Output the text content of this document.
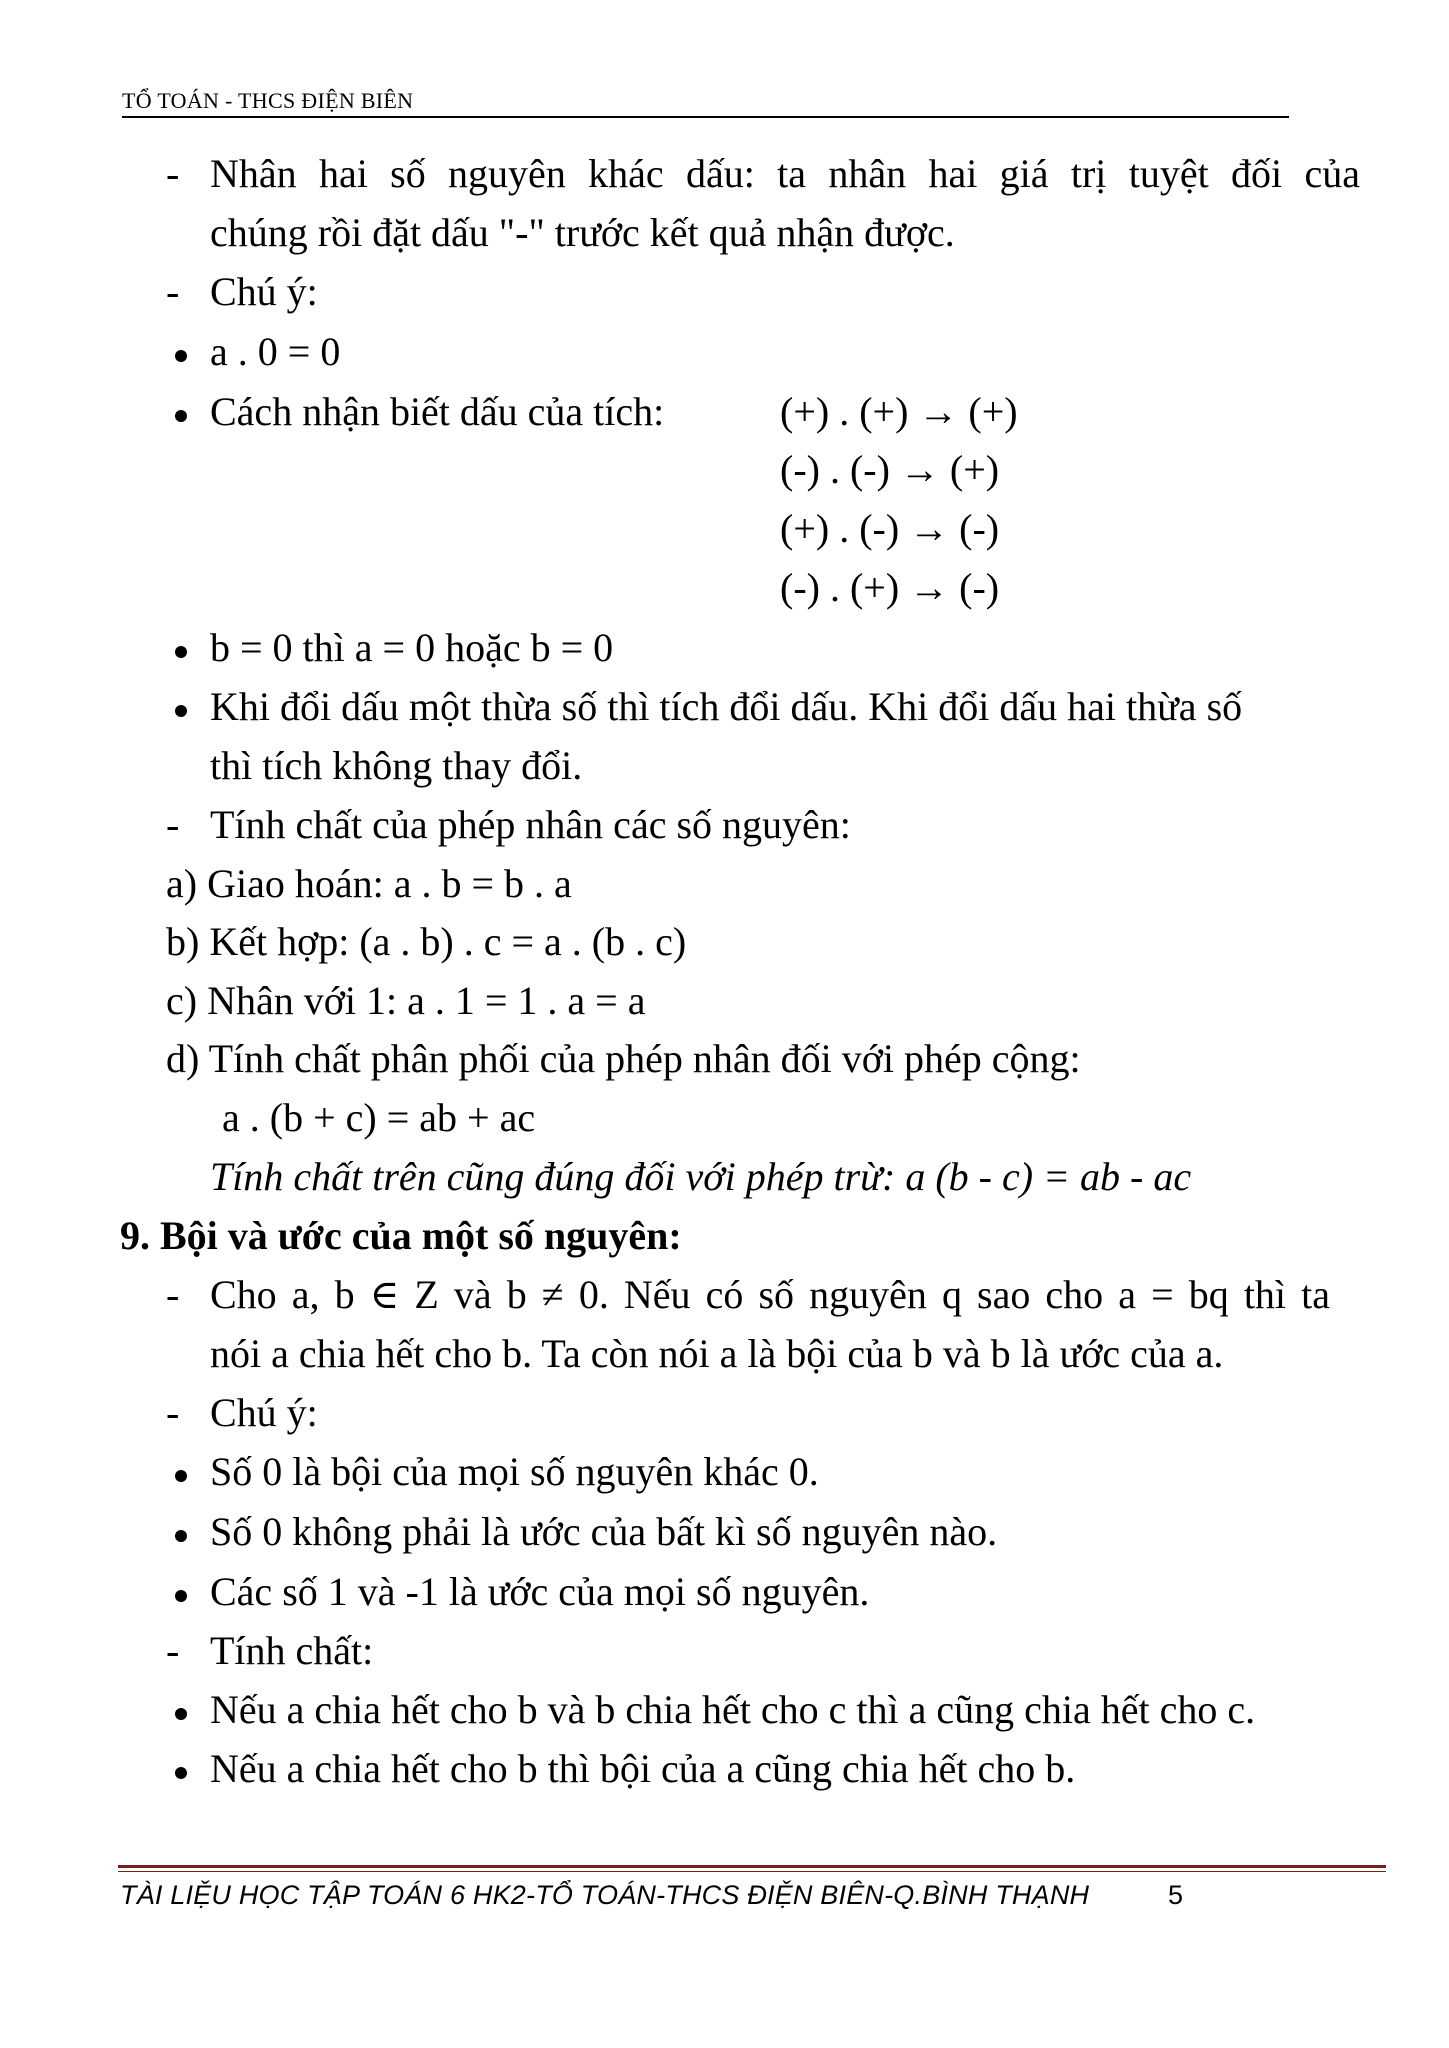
TỔ TOÁN - THCS ĐIỆN BIÊN
- Nhân hai số nguyên khác dấu: ta nhân hai giá trị tuyệt đối của
chúng rồi đặt dấu "-" trước kết quả nhận được.
- Chú ý:
a . 0 = 0
Cách nhận biết dấu của tích:	(+) . (+) → (+)
(-) . (-) → (+)
(+) . (-) → (-)
(-) . (+) → (-)
b = 0 thì a = 0 hoặc b = 0
Khi đổi dấu một thừa số thì tích đổi dấu. Khi đổi dấu hai thừa số
thì tích không thay đổi.
- Tính chất của phép nhân các số nguyên:
a) Giao hoán: a . b = b . a
b) Kết hợp: (a . b) . c = a . (b . c)
c) Nhân với 1: a . 1 = 1 . a = a
d) Tính chất phân phối của phép nhân đối với phép cộng:
a . (b + c) = ab + ac
Tính chất trên cũng đúng đối với phép trừ: a (b - c) = ab - ac
9. Bội và ước của một số nguyên:
- Cho a, b ∈ Z và b ≠ 0. Nếu có số nguyên q sao cho a = bq thì ta
nói a chia hết cho b. Ta còn nói a là bội của b và b là ước của a.
- Chú ý:
Số 0 là bội của mọi số nguyên khác 0.
Số 0 không phải là ước của bất kì số nguyên nào.
Các số 1 và -1 là ước của mọi số nguyên.
- Tính chất:
Nếu a chia hết cho b và b chia hết cho c thì a cũng chia hết cho c.
Nếu a chia hết cho b thì bội của a cũng chia hết cho b.
TÀI LIỆU HỌC TẬP TOÁN 6 HK2-TỔ TOÁN-THCS ĐIỆN BIÊN-Q.BÌNH THẠNH	5
